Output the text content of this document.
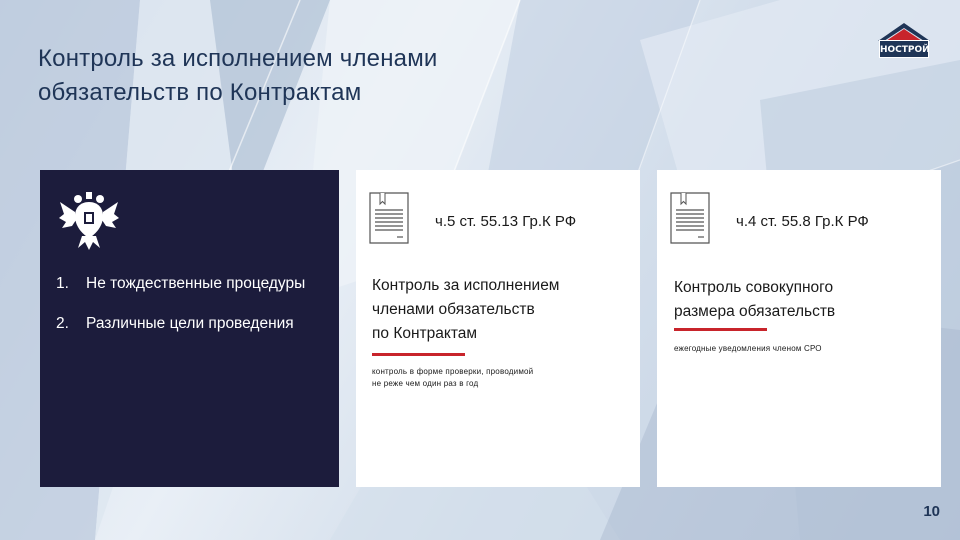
Контроль за исполнением членами
обязательств по Контрактам
НОСТРОЙ
1. Не тождественные процедуры
2. Различные цели проведения
ч.5 ст. 55.13 Гр.К РФ
Контроль за исполнением
членами обязательств
по Контрактам
контроль в форме проверки, проводимой
не реже чем один раз в год
ч.4 ст. 55.8 Гр.К РФ
Контроль совокупного
размера обязательств
ежегодные уведомления членом СРО
10
